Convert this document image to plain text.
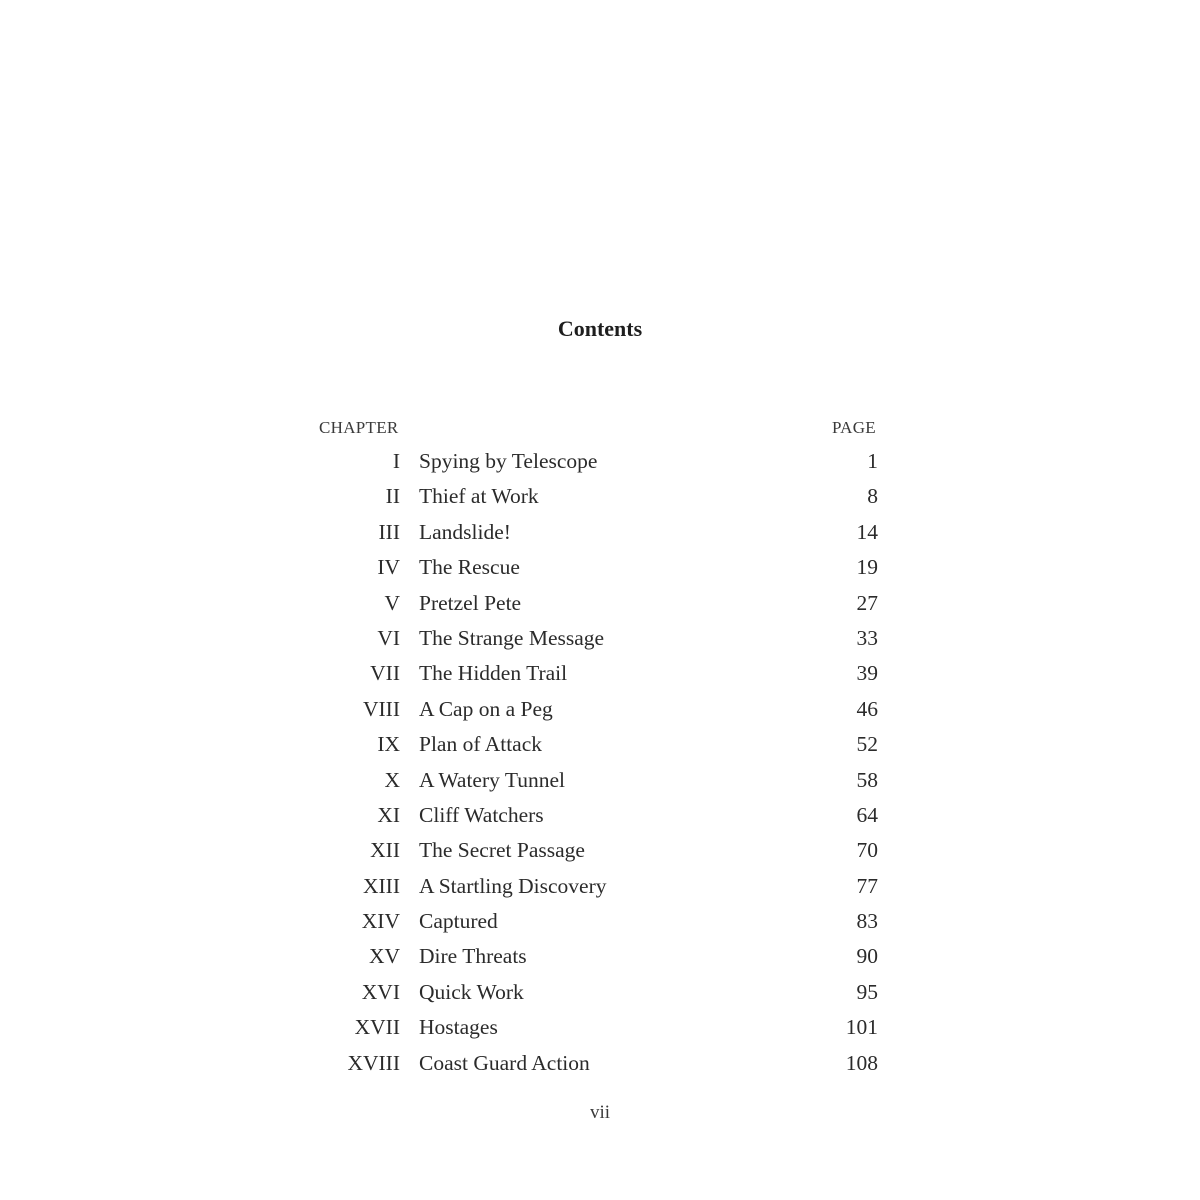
Contents
CHAPTER	PAGE
I Spying by Telescope	1
II Thief at Work	8
III Landslide!	14
IV The Rescue	19
V Pretzel Pete	27
VI The Strange Message	33
VII The Hidden Trail	39
VIII A Cap on a Peg	46
IX Plan of Attack	52
X A Watery Tunnel	58
XI Cliff Watchers	64
XII The Secret Passage	70
XIII A Startling Discovery	77
XIV Captured	83
XV Dire Threats	90
XVI Quick Work	95
XVII Hostages	101
XVIII Coast Guard Action	108
vii
